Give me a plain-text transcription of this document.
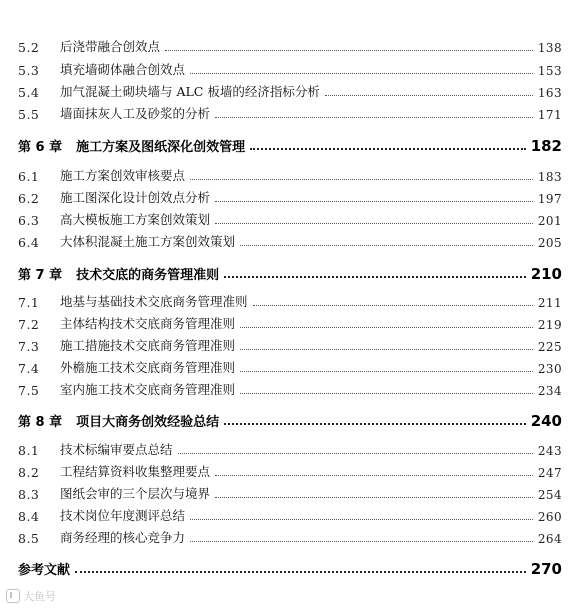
5.2	后浇带融合创效点	138
5.3	填充墙砌体融合创效点	153
5.4	加气混凝土砌块墙与 ALC 板墙的经济指标分析	163
5.5	墙面抹灰人工及砂浆的分析	171
第 6 章 施工方案及图纸深化创效管理	182
6.1	施工方案创效审核要点	183
6.2	施工图深化设计创效点分析	197
6.3	高大模板施工方案创效策划	201
6.4	大体积混凝土施工方案创效策划	205
第 7 章 技术交底的商务管理准则	210
7.1	地基与基础技术交底商务管理准则	211
7.2	主体结构技术交底商务管理准则	219
7.3	施工措施技术交底商务管理准则	225
7.4	外檐施工技术交底商务管理准则	230
7.5	室内施工技术交底商务管理准则	234
第 8 章 项目大商务创效经验总结	240
8.1	技术标编审要点总结	243
8.2	工程结算资料收集整理要点	247
8.3	图纸会审的三个层次与境界	254
8.4	技术岗位年度测评总结	260
8.5	商务经理的核心竞争力	264
参考文献	270
大鱼号
